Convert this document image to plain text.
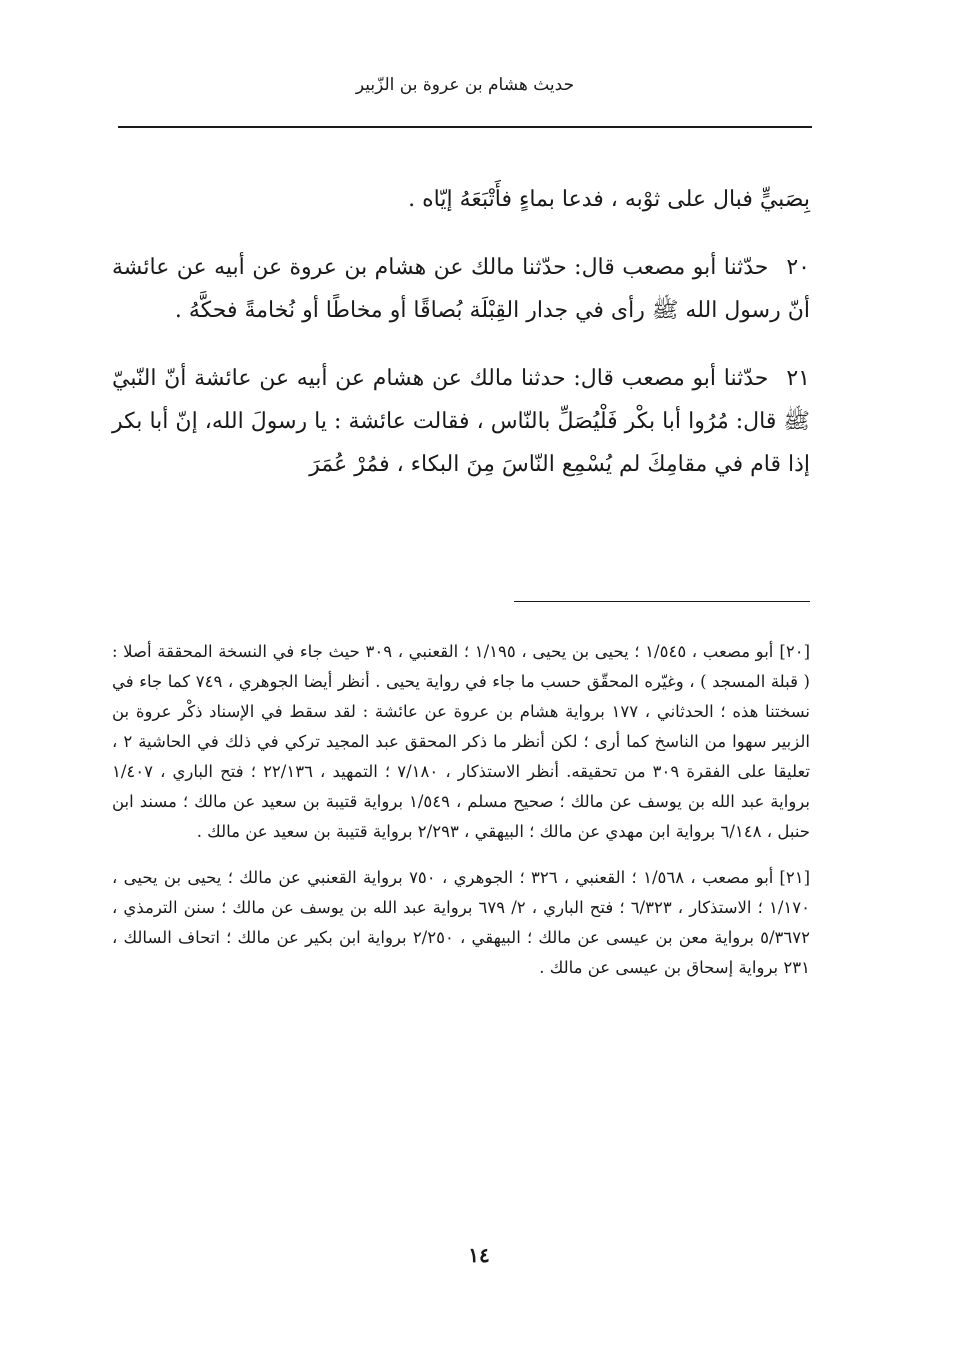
حديث هشام بن عروة بن الزّبير

بِصَبيٍّ فبال على ثوْبه ، فدعا بماءٍ فأَتْبَعَهُ إيّاه .

٢٠حدّثنا أبو مصعب قال: حدّثنا مالك عن هشام بن عروة عن أبيه عن عائشة أنّ رسول الله ﷺ رأى في جدار القِبْلَة بُصاقًا أو مخاطًا أو نُخامةً فحكَّهُ .

٢١حدّثنا أبو مصعب قال: حدثنا مالك عن هشام عن أبيه عن عائشة أنّ النّبيّ ﷺ قال: مُرُوا أبا بكْر فَلْيُصَلِّ بالنّاس ، فقالت عائشة : يا رسولَ الله، إنّ أبا بكر إذا قام في مقامِكَ لم يُسْمِع النّاسَ مِنَ البكاء ، فمُرْ عُمَرَ

[٢٠]أبو مصعب ، ١/٥٤٥ ؛ يحيى بن يحيى ، ١/١٩٥ ؛ القعنبي ، ٣٠٩ حيث جاء في النسخة المحققة أصلا : ( قبلة المسجد ) ، وغيّره المحقّق حسب ما جاء في رواية يحيى . أنظر أيضا الجوهري ، ٧٤٩ كما جاء في نسختنا هذه ؛ الحدثاني ، ١٧٧ برواية هشام بن عروة عن عائشة : لقد سقط في الإسناد ذكْر عروة بن الزبير سهوا من الناسخ كما أرى ؛ لكن أنظر ما ذكر المحقق عبد المجيد تركي في ذلك في الحاشية ٢ ، تعليقا على الفقرة ٣٠٩ من تحقيقه. أنظر الاستذكار ، ٧/١٨٠ ؛ التمهيد ، ٢٢/١٣٦ ؛ فتح الباري ، ١/٤٠٧ برواية عبد الله بن يوسف عن مالك ؛ صحيح مسلم ، ١/٥٤٩ برواية قتيبة بن سعيد عن مالك ؛ مسند ابن حنبل ، ٦/١٤٨ برواية ابن مهدي عن مالك ؛ البيهقي ، ٢/٢٩٣ برواية قتيبة بن سعيد عن مالك .

[٢١]أبو مصعب ، ١/٥٦٨ ؛ القعنبي ، ٣٢٦ ؛ الجوهري ، ٧٥٠ برواية القعنبي عن مالك ؛ يحيى بن يحيى ، ١/١٧٠ ؛ الاستذكار ، ٦/٣٢٣ ؛ فتح الباري ، ٢/ ٦٧٩ برواية عبد الله بن يوسف عن مالك ؛ سنن الترمذي ، ٥/٣٦٧٢ برواية معن بن عيسى عن مالك ؛ البيهقي ، ٢/٢٥٠ برواية ابن بكير عن مالك ؛ اتحاف السالك ، ٢٣١ برواية إسحاق بن عيسى عن مالك .

١٤
